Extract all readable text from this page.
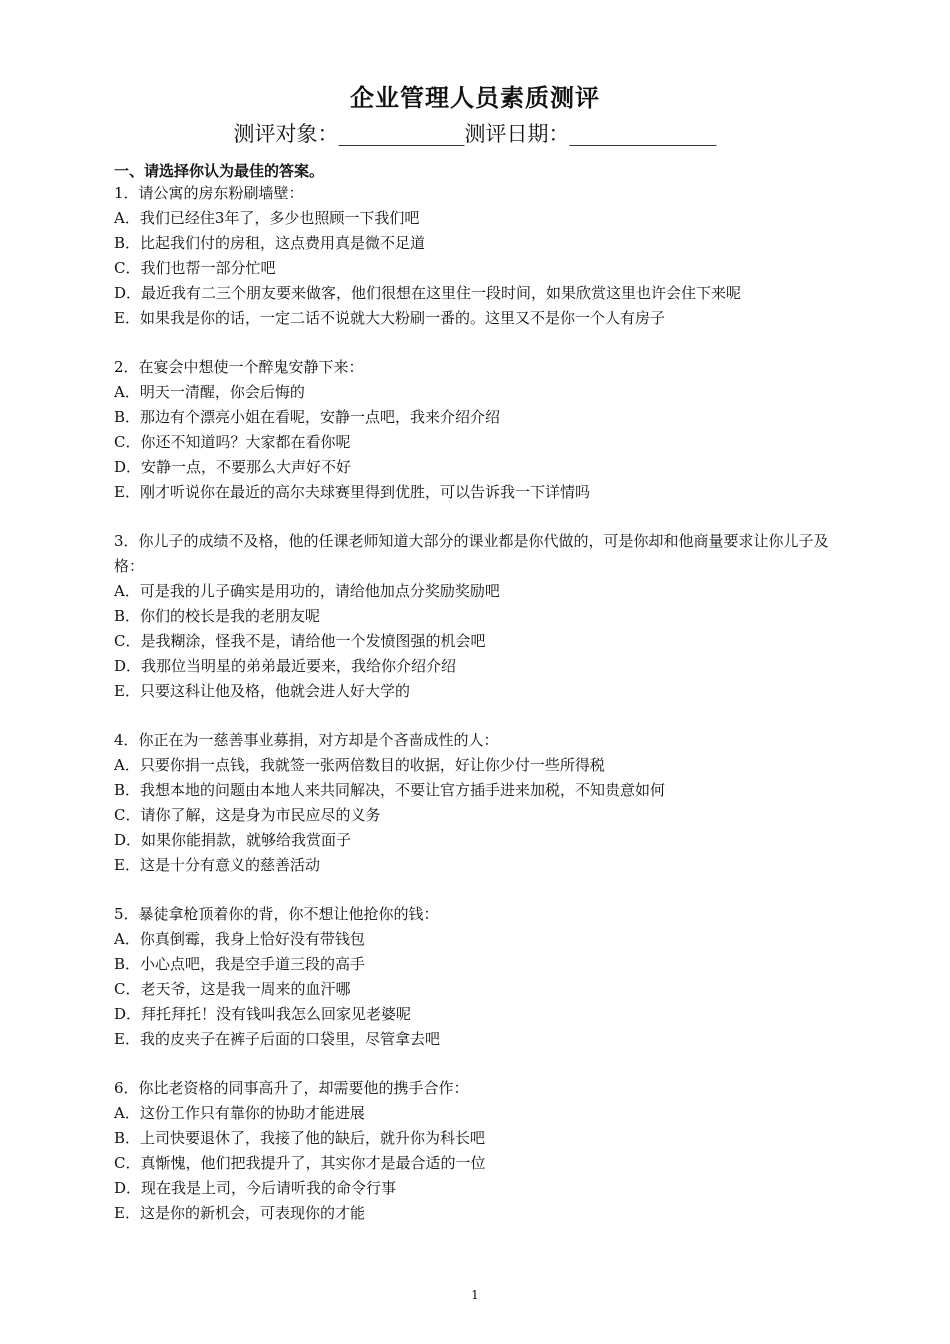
企业管理人员素质测评
测评对象：____________测评日期：______________
一、请选择你认为最佳的答案。
1．请公寓的房东粉刷墙壁：
A．我们已经住3年了，多少也照顾一下我们吧
B．比起我们付的房租，这点费用真是微不足道
C．我们也帮一部分忙吧
D．最近我有二三个朋友要来做客，他们很想在这里住一段时间，如果欣赏这里也许会住下来呢
E．如果我是你的话，一定二话不说就大大粉刷一番的。这里又不是你一个人有房子
2．在宴会中想使一个醉鬼安静下来：
A．明天一清醒，你会后悔的
B．那边有个漂亮小姐在看呢，安静一点吧，我来介绍介绍
C．你还不知道吗？大家都在看你呢
D．安静一点，不要那么大声好不好
E．刚才听说你在最近的高尔夫球赛里得到优胜，可以告诉我一下详情吗
3．你儿子的成绩不及格，他的任课老师知道大部分的课业都是你代做的，可是你却和他商量要求让你儿子及格：
A．可是我的儿子确实是用功的，请给他加点分奖励奖励吧
B．你们的校长是我的老朋友呢
C．是我糊涂，怪我不是，请给他一个发愤图强的机会吧
D．我那位当明星的弟弟最近要来，我给你介绍介绍
E．只要这科让他及格，他就会进人好大学的
4．你正在为一慈善事业募捐，对方却是个吝啬成性的人：
A．只要你捐一点钱，我就签一张两倍数目的收据，好让你少付一些所得税
B．我想本地的问题由本地人来共同解决，不要让官方插手进来加税，不知贵意如何
C．请你了解，这是身为市民应尽的义务
D．如果你能捐款，就够给我赏面子
E．这是十分有意义的慈善活动
5．暴徒拿枪顶着你的背，你不想让他抢你的钱：
A．你真倒霉，我身上恰好没有带钱包
B．小心点吧，我是空手道三段的高手
C．老天爷，这是我一周来的血汗哪
D．拜托拜托！没有钱叫我怎么回家见老婆呢
E．我的皮夹子在裤子后面的口袋里，尽管拿去吧
6．你比老资格的同事高升了，却需要他的携手合作：
A．这份工作只有靠你的协助才能进展
B．上司快要退休了，我接了他的缺后，就升你为科长吧
C．真惭愧，他们把我提升了，其实你才是最合适的一位
D．现在我是上司，今后请听我的命令行事
E．这是你的新机会，可表现你的才能
1
